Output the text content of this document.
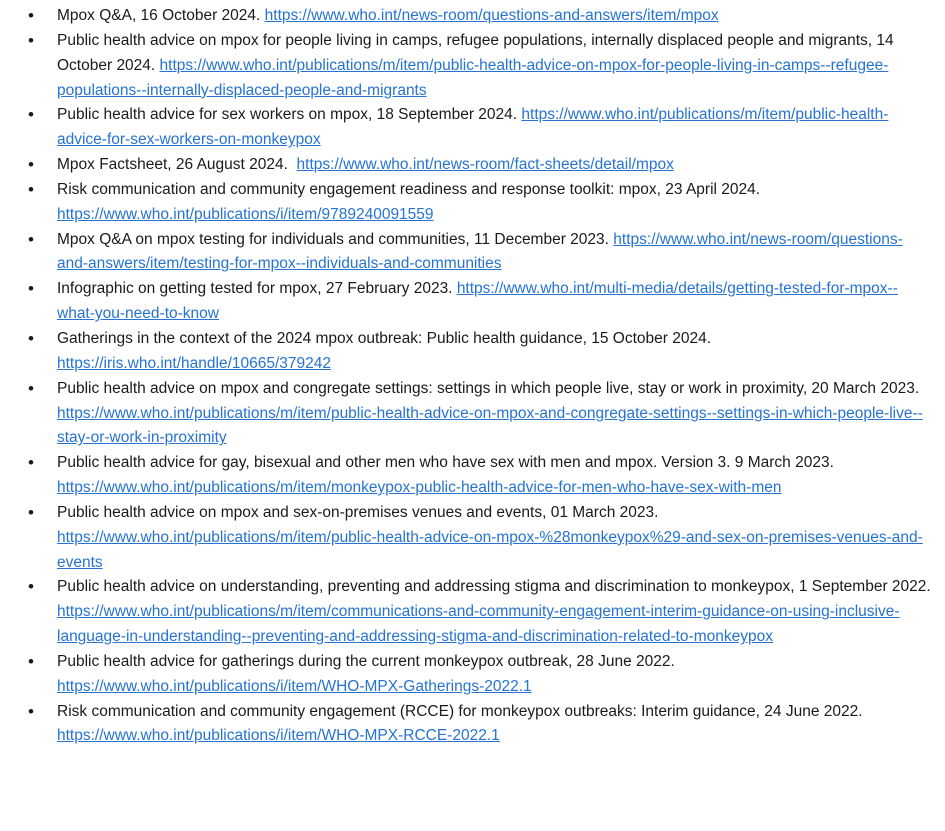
•	Mpox Q&A, 16 October 2024. https://www.who.int/news-room/questions-and-answers/item/mpox
•	Public health advice on mpox for people living in camps, refugee populations, internally displaced people and migrants, 14 October 2024. https://www.who.int/publications/m/item/public-health-advice-on-mpox-for-people-living-in-camps--refugee-populations--internally-displaced-people-and-migrants
•	Public health advice for sex workers on mpox, 18 September 2024. https://www.who.int/publications/m/item/public-health-advice-for-sex-workers-on-monkeypox
•	Mpox Factsheet, 26 August 2024.  https://www.who.int/news-room/fact-sheets/detail/mpox
•	Risk communication and community engagement readiness and response toolkit: mpox, 23 April 2024. https://www.who.int/publications/i/item/9789240091559
•	Mpox Q&A on mpox testing for individuals and communities, 11 December 2023. https://www.who.int/news-room/questions-and-answers/item/testing-for-mpox--individuals-and-communities
•	Infographic on getting tested for mpox, 27 February 2023. https://www.who.int/multi-media/details/getting-tested-for-mpox--what-you-need-to-know
•	Gatherings in the context of the 2024 mpox outbreak: Public health guidance, 15 October 2024. https://iris.who.int/handle/10665/379242
•	Public health advice on mpox and congregate settings: settings in which people live, stay or work in proximity, 20 March 2023. https://www.who.int/publications/m/item/public-health-advice-on-mpox-and-congregate-settings--settings-in-which-people-live--stay-or-work-in-proximity
•	Public health advice for gay, bisexual and other men who have sex with men and mpox. Version 3. 9 March 2023. https://www.who.int/publications/m/item/monkeypox-public-health-advice-for-men-who-have-sex-with-men
•	Public health advice on mpox and sex-on-premises venues and events, 01 March 2023. https://www.who.int/publications/m/item/public-health-advice-on-mpox-%28monkeypox%29-and-sex-on-premises-venues-and-events
•	Public health advice on understanding, preventing and addressing stigma and discrimination to monkeypox, 1 September 2022.  https://www.who.int/publications/m/item/communications-and-community-engagement-interim-guidance-on-using-inclusive-language-in-understanding--preventing-and-addressing-stigma-and-discrimination-related-to-monkeypox
•	Public health advice for gatherings during the current monkeypox outbreak, 28 June 2022. https://www.who.int/publications/i/item/WHO-MPX-Gatherings-2022.1
•	Risk communication and community engagement (RCCE) for monkeypox outbreaks: Interim guidance, 24 June 2022. https://www.who.int/publications/i/item/WHO-MPX-RCCE-2022.1
